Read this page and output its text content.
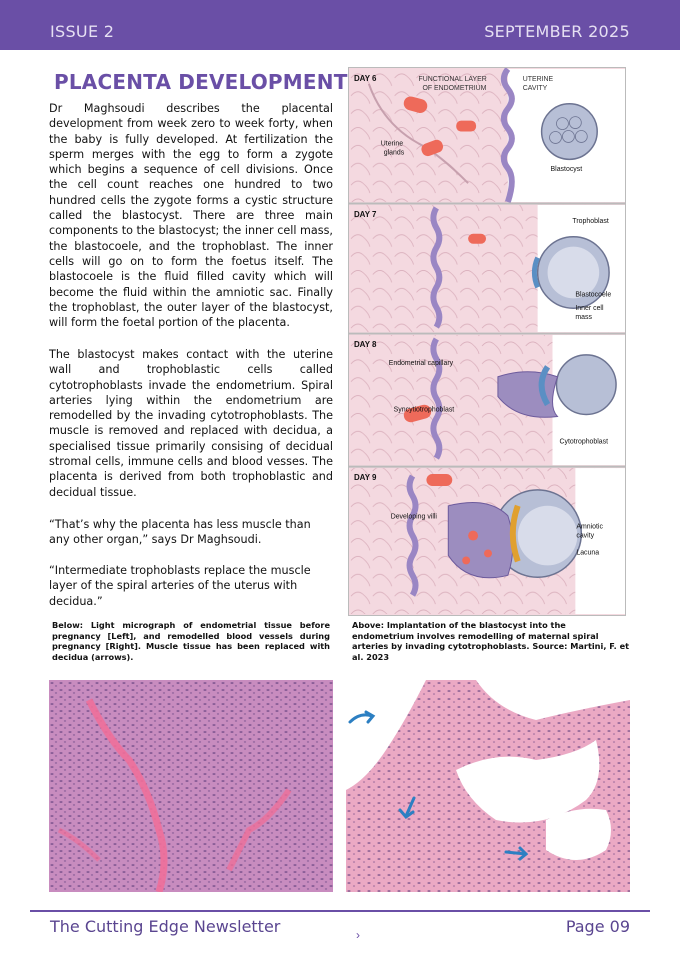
ISSUE 2	SEPTEMBER 2025
PLACENTA DEVELOPMENT

Dr Maghsoudi describes the placental development from week zero to week forty, when the baby is fully developed. At fertilization the sperm merges with the egg to form a zygote which begins a sequence of cell divisions. Once the cell count reaches one hundred to two hundred cells the zygote forms a cystic structure called the blastocyst. There are three main components to the blastocyst; the inner cell mass, the blastocoele, and the trophoblast. The inner cells will go on to form the foetus itself. The blastocoele is the fluid filled cavity which will become the fluid within the amniotic sac. Finally the trophoblast, the outer layer of the blastocyst, will form the foetal portion of the placenta.

The blastocyst makes contact with the uterine wall and trophoblastic cells called cytotrophoblasts invade the endometrium. Spiral arteries lying within the endometrium are remodelled by the invading cytotrophoblasts. The muscle is removed and replaced with decidua, a specialised tissue primarily consising of decidual stromal cells, immune cells and blood vesses. The placenta is derived from both trophoblastic and decidual tissue.

“That’s why the placenta has less muscle than any other organ,” says Dr Maghsoudi.

“Intermediate trophoblasts replace the muscle layer of the spiral arteries of the uterus with decidua.”

DAY 6	FUNCTIONAL LAYER
OF ENDOMETRIUM
UTERINE
CAVITY
Uterine
glands
Blastocyst
DAY 7
Trophoblast
Blastocoele
Inner cell
mass
DAY 8
Endometrial capillary
Syncytiotrophoblast
Cytotrophoblast
DAY 9
Developing villi
Amniotic
cavity
Lacuna

Below: Light micrograph of endometrial tissue before pregnancy [Left], and remodelled blood vessels during pregnancy [Right]. Muscle tissue has been replaced with decidua (arrows).

Above: Implantation of the blastocyst into the endometrium involves remodelling of maternal spiral arteries by invading cytotrophoblasts. Source: Martini, F. et al. 2023

The Cutting Edge Newsletter	Page 09
›
